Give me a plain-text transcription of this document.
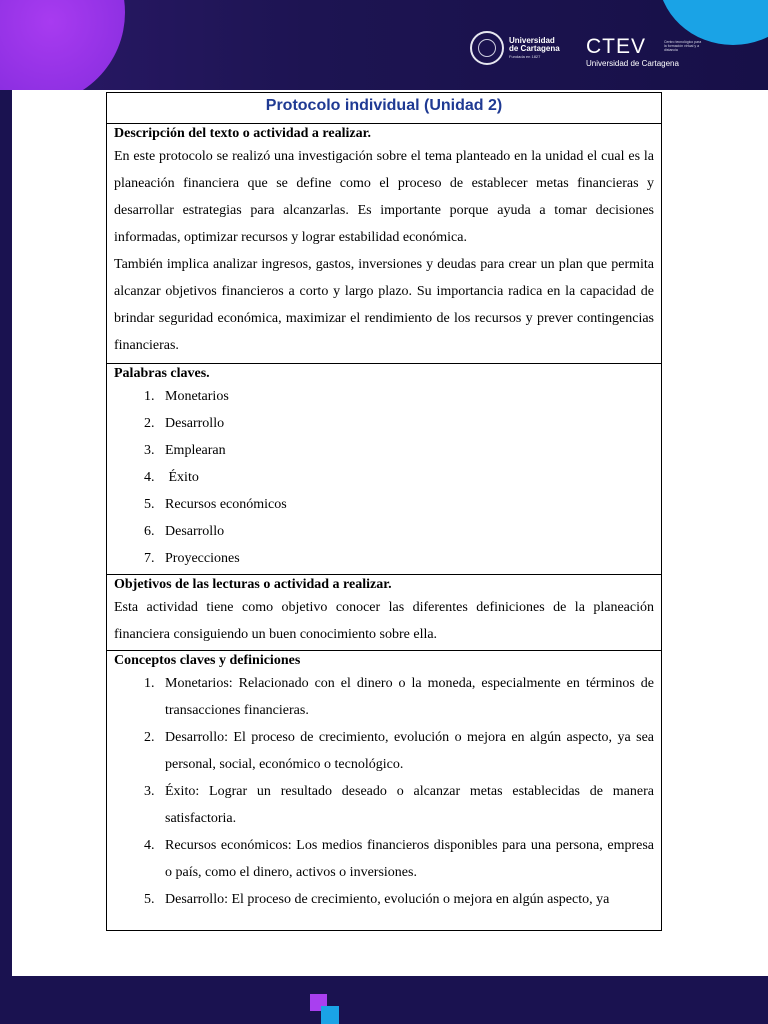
Universidad
de Cartagena
Fundada en 1827	CTEV	Centro tecnológico para la formación virtual y a distancia
Universidad de Cartagena
Protocolo individual (Unidad 2)

Descripción del texto o actividad a realizar.

En este protocolo se realizó una investigación sobre el tema planteado en la unidad el cual es la planeación financiera que se define como el proceso de establecer metas financieras y desarrollar estrategias para alcanzarlas. Es importante porque ayuda a tomar decisiones informadas, optimizar recursos y lograr estabilidad económica.

También implica analizar ingresos, gastos, inversiones y deudas para crear un plan que permita alcanzar objetivos financieros a corto y largo plazo. Su importancia radica en la capacidad de brindar seguridad económica, maximizar el rendimiento de los recursos y prever contingencias financieras.

Palabras claves.
1. Monetarios
2. Desarrollo
3. Emplearan
4.  Éxito
5. Recursos económicos
6. Desarrollo
7. Proyecciones

Objetivos de las lecturas o actividad a realizar.

Esta actividad tiene como objetivo conocer las diferentes definiciones de la planeación financiera consiguiendo un buen conocimiento sobre ella.

Conceptos claves y definiciones
1. Monetarios: Relacionado con el dinero o la moneda, especialmente en términos de transacciones financieras.
2. Desarrollo: El proceso de crecimiento, evolución o mejora en algún aspecto, ya sea personal, social, económico o tecnológico.
3. Éxito: Lograr un resultado deseado o alcanzar metas establecidas de manera satisfactoria.
4. Recursos económicos: Los medios financieros disponibles para una persona, empresa o país, como el dinero, activos o inversiones.
5. Desarrollo: El proceso de crecimiento, evolución o mejora en algún aspecto, ya
